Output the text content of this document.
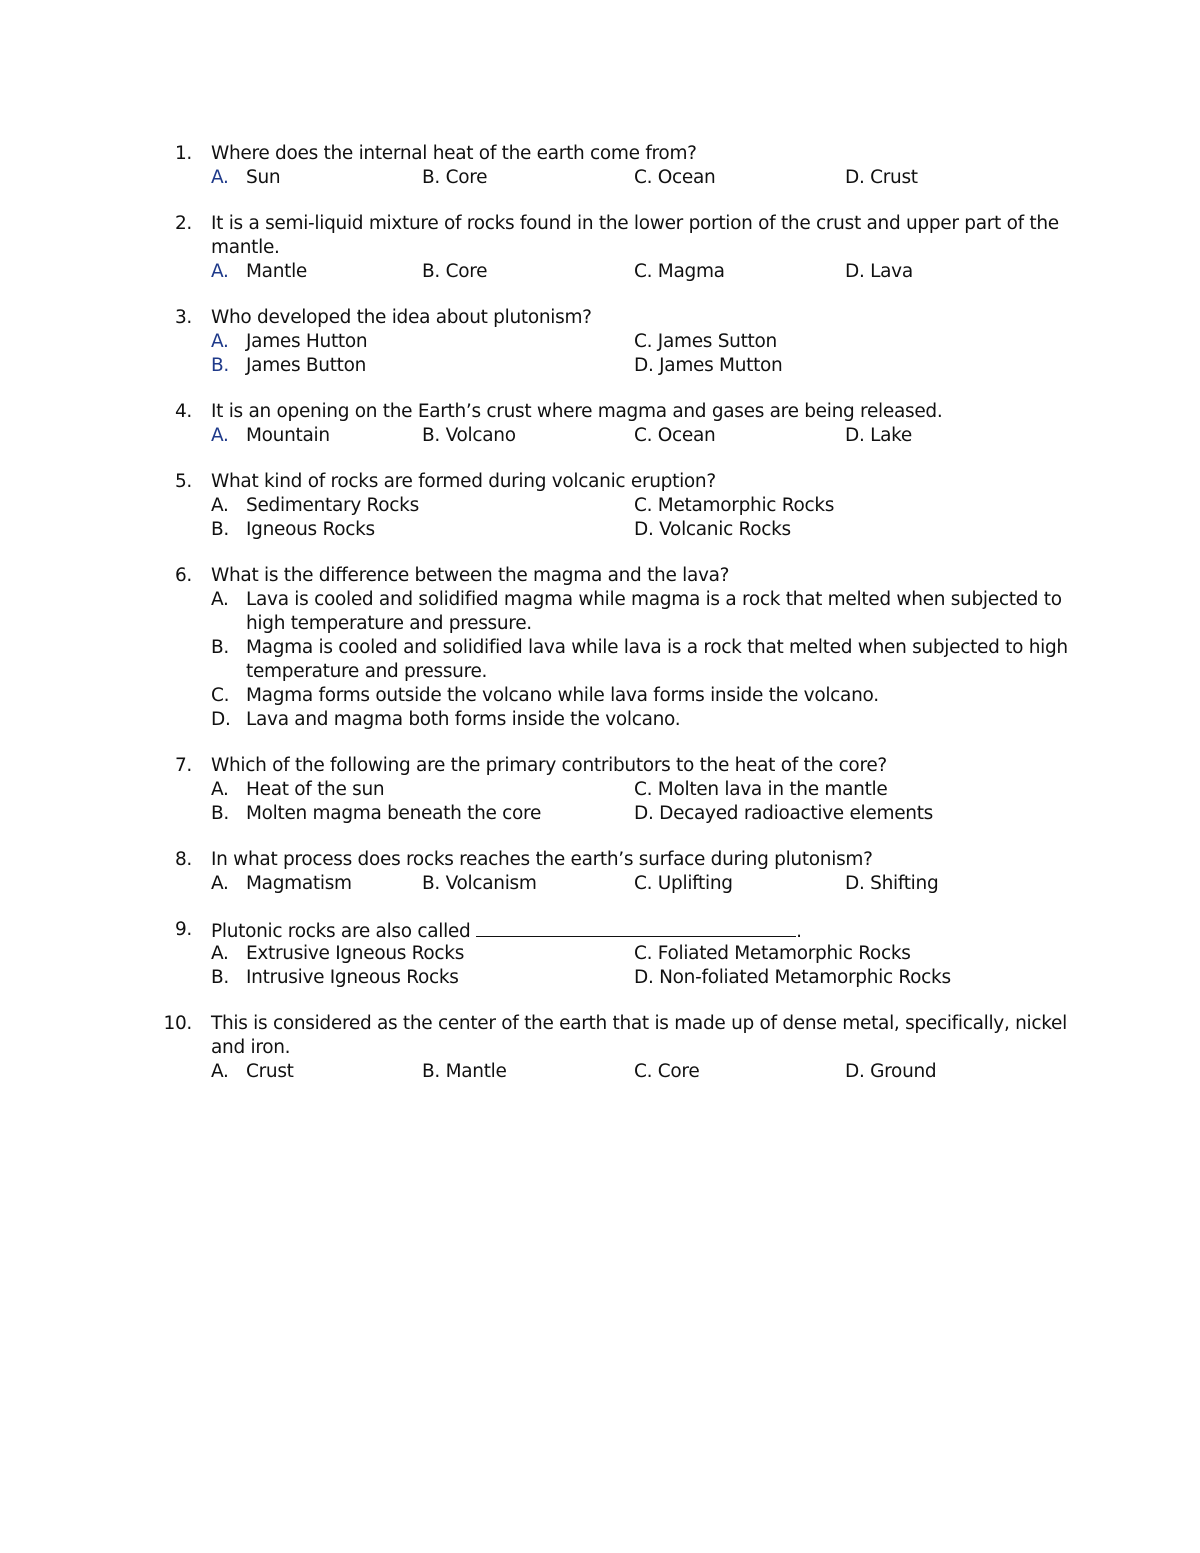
1. Where does the internal heat of the earth come from?
A. Sun	B. Core	C. Ocean	D. Crust
2. It is a semi-liquid mixture of rocks found in the lower portion of the crust and upper part of the
mantle.
A. Mantle	B. Core	C. Magma	D. Lava
3. Who developed the idea about plutonism?
A. James Hutton	C. James Sutton
B. James Button	D. James Mutton
4. It is an opening on the Earth’s crust where magma and gases are being released.
A. Mountain	B. Volcano	C. Ocean	D. Lake
5. What kind of rocks are formed during volcanic eruption?
A. Sedimentary Rocks	C. Metamorphic Rocks
B. Igneous Rocks	D. Volcanic Rocks
6. What is the difference between the magma and the lava?
A. Lava is cooled and solidified magma while magma is a rock that melted when subjected to
high temperature and pressure.
B. Magma is cooled and solidified lava while lava is a rock that melted when subjected to high
temperature and pressure.
C. Magma forms outside the volcano while lava forms inside the volcano.
D. Lava and magma both forms inside the volcano.
7. Which of the following are the primary contributors to the heat of the core?
A. Heat of the sun	C. Molten lava in the mantle
B. Molten magma beneath the core	D. Decayed radioactive elements
8. In what process does rocks reaches the earth’s surface during plutonism?
A. Magmatism	B. Volcanism	C. Uplifting	D. Shifting
9. Plutonic rocks are also called	.
A. Extrusive Igneous Rocks	C. Foliated Metamorphic Rocks
B. Intrusive Igneous Rocks	D. Non-foliated Metamorphic Rocks
10. This is considered as the center of the earth that is made up of dense metal, specifically, nickel
and iron.
A. Crust	B. Mantle	C. Core	D. Ground
